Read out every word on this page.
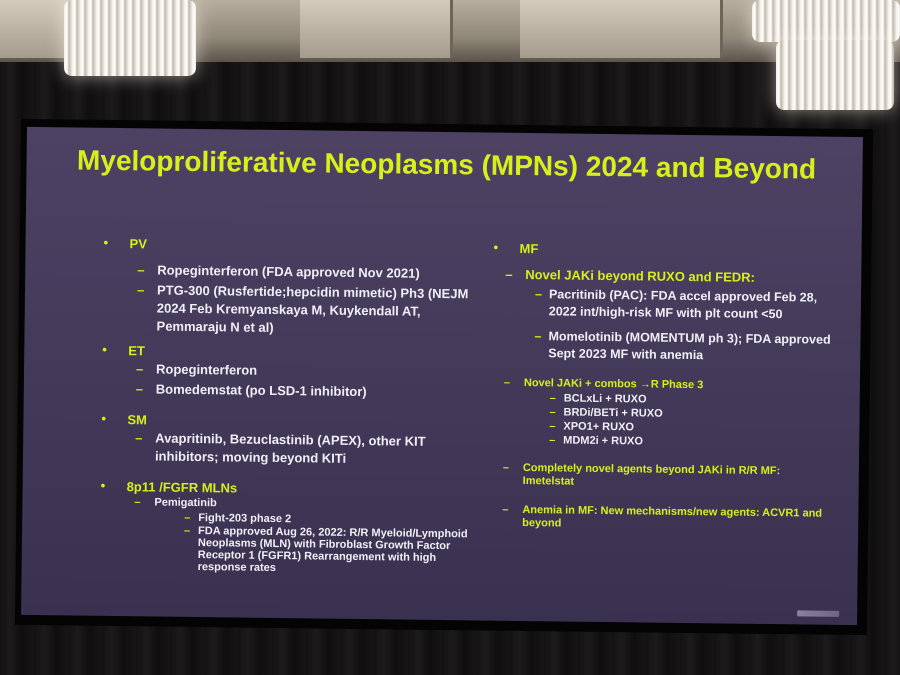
Myeloproliferative Neoplasms (MPNs) 2024 and Beyond
• PV
– Ropeginterferon (FDA approved Nov 2021)
– PTG-300 (Rusfertide;hepcidin mimetic) Ph3 (NEJM 2024 Feb Kremyanskaya M, Kuykendall AT, Pemmaraju N et al)
• ET
– Ropeginterferon
– Bomedemstat (po LSD-1 inhibitor)
• SM
– Avapritinib, Bezuclastinib (APEX), other KIT inhibitors; moving beyond KITi
• 8p11 /FGFR MLNs
– Pemigatinib
– Fight-203 phase 2
– FDA approved Aug 26, 2022: R/R Myeloid/Lymphoid Neoplasms (MLN) with Fibroblast Growth Factor Receptor 1 (FGFR1) Rearrangement with high response rates
• MF
– Novel JAKi beyond RUXO and FEDR:
– Pacritinib (PAC): FDA accel approved Feb 28, 2022 int/high-risk MF with plt count <50
– Momelotinib (MOMENTUM ph 3); FDA approved Sept 2023 MF with anemia
– Novel JAKi + combos →R Phase 3
– BCLxLi + RUXO
– BRDi/BETi + RUXO
– XPO1+ RUXO
– MDM2i + RUXO
– Completely novel agents beyond JAKi in R/R MF: Imetelstat
– Anemia in MF: New mechanisms/new agents: ACVR1 and beyond
